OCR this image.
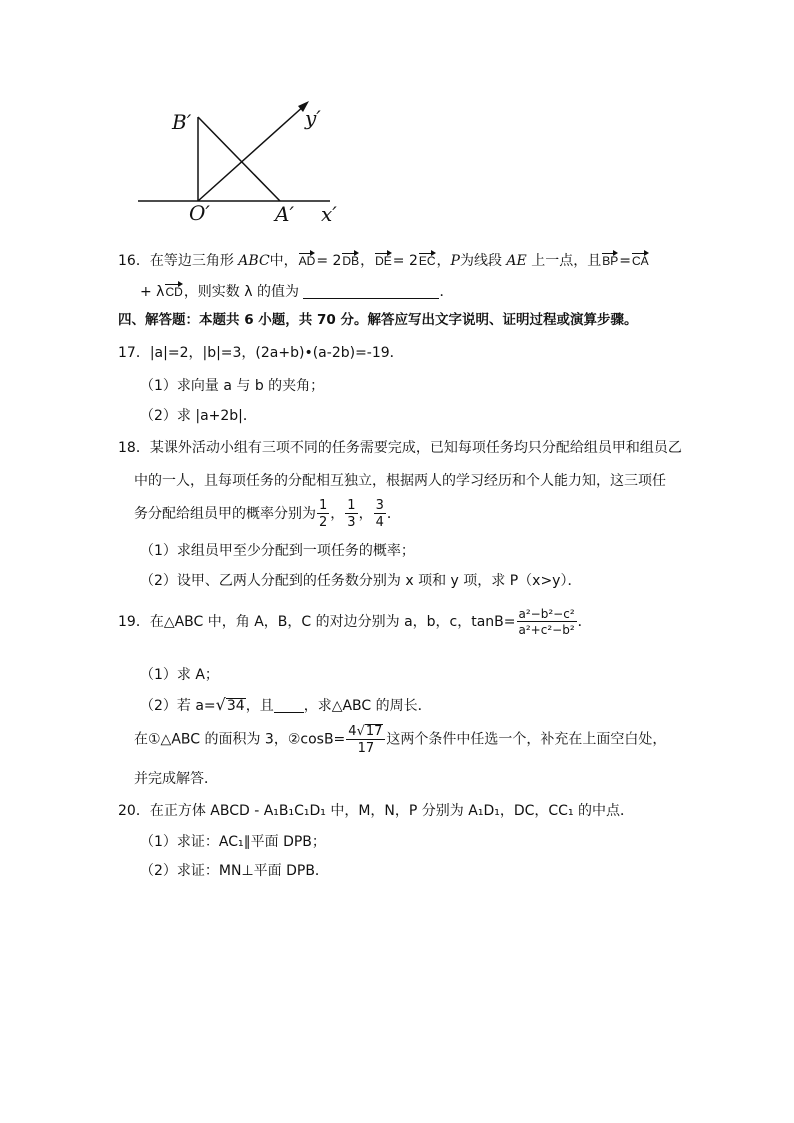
B′	y′
O′	A′ x′
16．在等边三角形 ABC中，AD= 2DB，DE= 2EC，P为线段 AE 上一点，且BP=CA
+ λCD，则实数 λ 的值为	．
四、解答题：本题共 6 小题，共 70 分。解答应写出文字说明、证明过程或演算步骤。
17．|a|=2，|b|=3，(2a+b)•(a-2b)=-19．
（1）求向量 a 与 b 的夹角；
（2）求 |a+2b|．
18．某课外活动小组有三项不同的任务需要完成，已知每项任务均只分配给组员甲和组员乙
中的一人，且每项任务的分配相互独立，根据两人的学习经历和个人能力知，这三项任
务分配给组员甲的概率分别为 $\frac{1}{2}$ ， $\frac{1}{3}$ ， $\frac{3}{4}$ ．
（1）求组员甲至少分配到一项任务的概率；
（2）设甲、乙两人分配到的任务数分别为 x 项和 y 项，求 P（x>y）．
19．在△ABC 中，角 A，B，C 的对边分别为 a，b，c，$\tan B= \frac{\text{a²−b²−c²}}{\text{a²+c²−b²}}$ ．
（1）求 A；
（2）若 a=√34，且 ，求△ABC 的周长．
在①△ABC 的面积为 3，②cosB= $\frac{4√17}{17}$ 这两个条件中任选一个，补充在上面空白处，
并完成解答．
20．在正方体 ABCD - A₁B₁C₁D₁ 中，M，N，P 分别为 A₁D₁，DC，CC₁ 的中点．
（1）求证：AC₁∥平面 DPB；
（2）求证：MN⊥平面 DPB．
